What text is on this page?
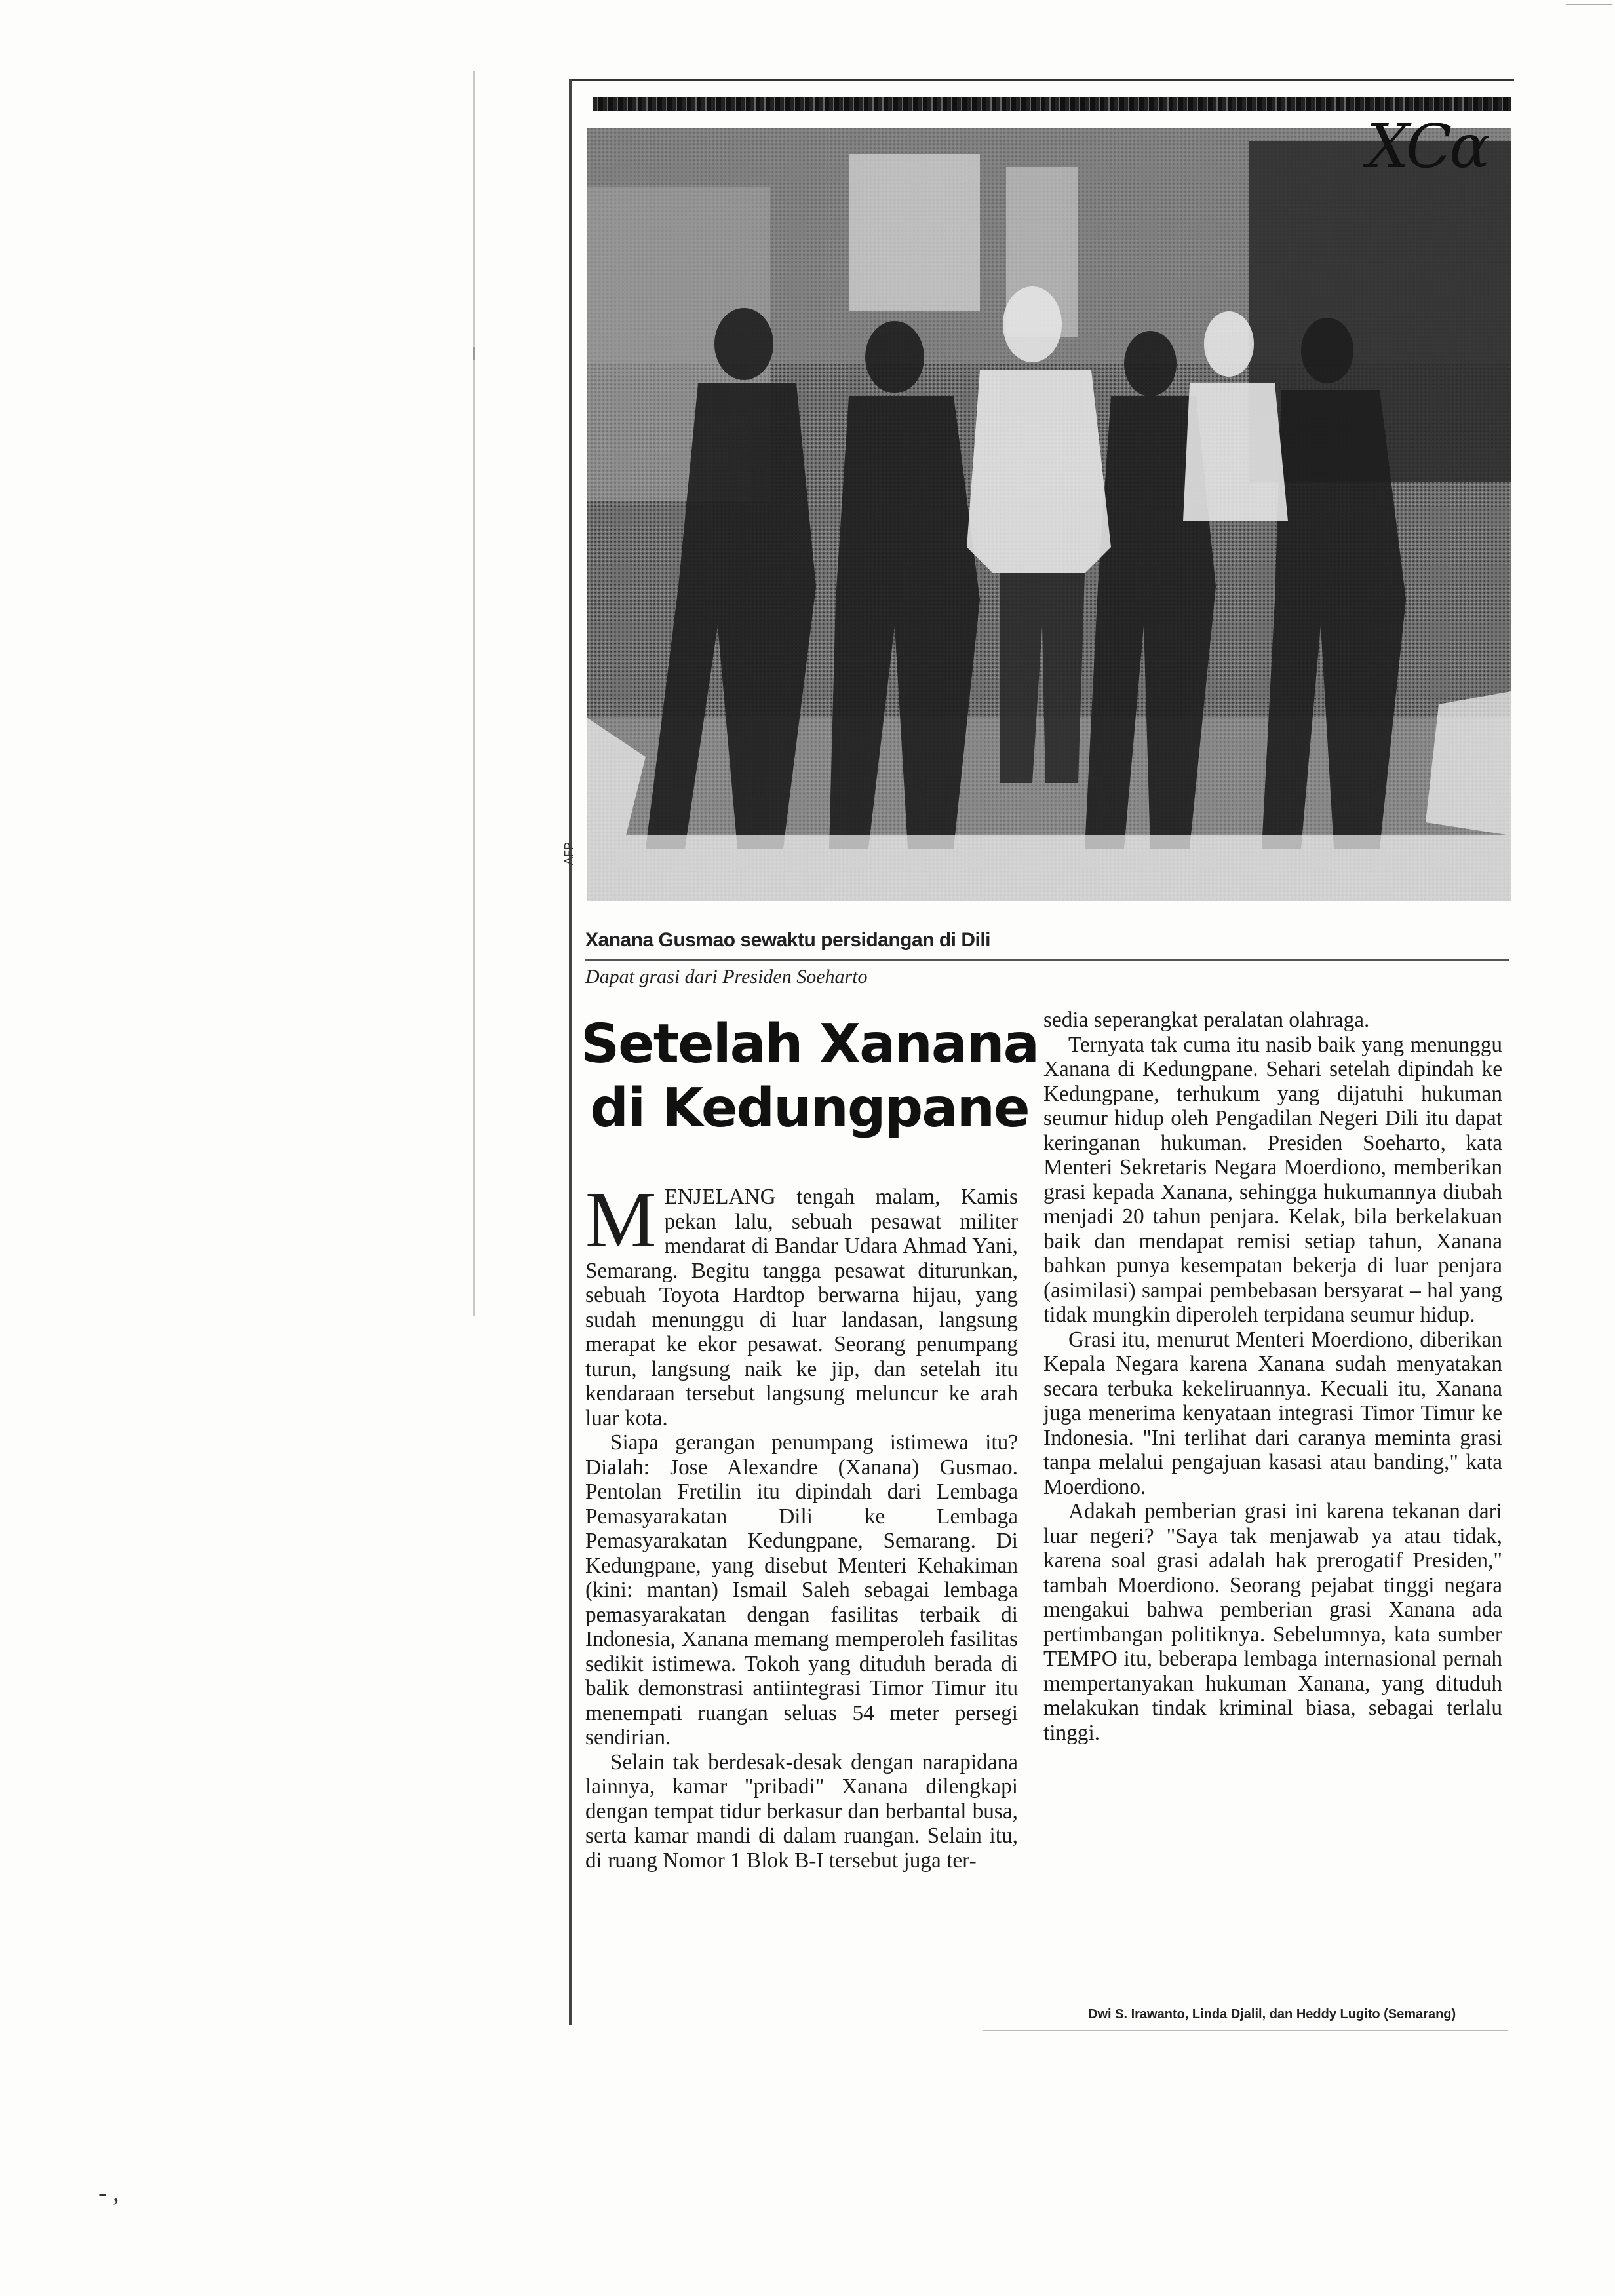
- ,
XCα
AFP
Xanana Gusmao sewaktu persidangan di Dili
Dapat grasi dari Presiden Soeharto
Setelah Xanana
di Kedungpane

MENJELANG tengah malam, Kamis pekan lalu, sebuah pesawat militer mendarat di Bandar Udara Ahmad Yani, Semarang. Begitu tangga pesawat diturunkan, sebuah Toyota Hardtop berwarna hijau, yang sudah menunggu di luar landasan, langsung merapat ke ekor pesawat. Seorang penumpang turun, langsung naik ke jip, dan setelah itu kendaraan tersebut langsung meluncur ke arah luar kota.

Siapa gerangan penumpang istimewa itu? Dialah: Jose Alexandre (Xanana) Gusmao. Pentolan Fretilin itu dipindah dari Lembaga Pemasyarakatan Dili ke Lembaga Pemasyarakatan Kedungpane, Semarang. Di Kedungpane, yang disebut Menteri Kehakiman (kini: mantan) Ismail Saleh sebagai lembaga pemasyarakatan dengan fasilitas terbaik di Indonesia, Xanana memang memperoleh fasilitas sedikit istimewa. Tokoh yang dituduh berada di balik demonstrasi antiintegrasi Timor Timur itu menempati ruangan seluas 54 meter persegi sendirian.

Selain tak berdesak-desak dengan narapidana lainnya, kamar "pribadi" Xanana dilengkapi dengan tempat tidur berkasur dan berbantal busa, serta kamar mandi di dalam ruangan. Selain itu, di ruang Nomor 1 Blok B-I tersebut juga ter-

sedia seperangkat peralatan olahraga.

Ternyata tak cuma itu nasib baik yang menunggu Xanana di Kedungpane. Sehari setelah dipindah ke Kedungpane, terhukum yang dijatuhi hukuman seumur hidup oleh Pengadilan Negeri Dili itu dapat keringanan hukuman. Presiden Soeharto, kata Menteri Sekretaris Negara Moerdiono, memberikan grasi kepada Xanana, sehingga hukumannya diubah menjadi 20 tahun penjara. Kelak, bila berkelakuan baik dan mendapat remisi setiap tahun, Xanana bahkan punya kesempatan bekerja di luar penjara (asimilasi) sampai pembebasan bersyarat – hal yang tidak mungkin diperoleh terpidana seumur hidup.

Grasi itu, menurut Menteri Moerdiono, diberikan Kepala Negara karena Xanana sudah menyatakan secara terbuka kekeliruannya. Kecuali itu, Xanana juga menerima kenyataan integrasi Timor Timur ke Indonesia. "Ini terlihat dari caranya meminta grasi tanpa melalui pengajuan kasasi atau banding," kata Moerdiono.

Adakah pemberian grasi ini karena tekanan dari luar negeri? "Saya tak menjawab ya atau tidak, karena soal grasi adalah hak prerogatif Presiden," tambah Moerdiono. Seorang pejabat tinggi negara mengakui bahwa pemberian grasi Xanana ada pertimbangan politiknya. Sebelumnya, kata sumber TEMPO itu, beberapa lembaga internasional pernah mempertanyakan hukuman Xanana, yang dituduh melakukan tindak kriminal biasa, sebagai terlalu tinggi.

Dwi S. Irawanto, Linda Djalil, dan Heddy Lugito (Semarang)
